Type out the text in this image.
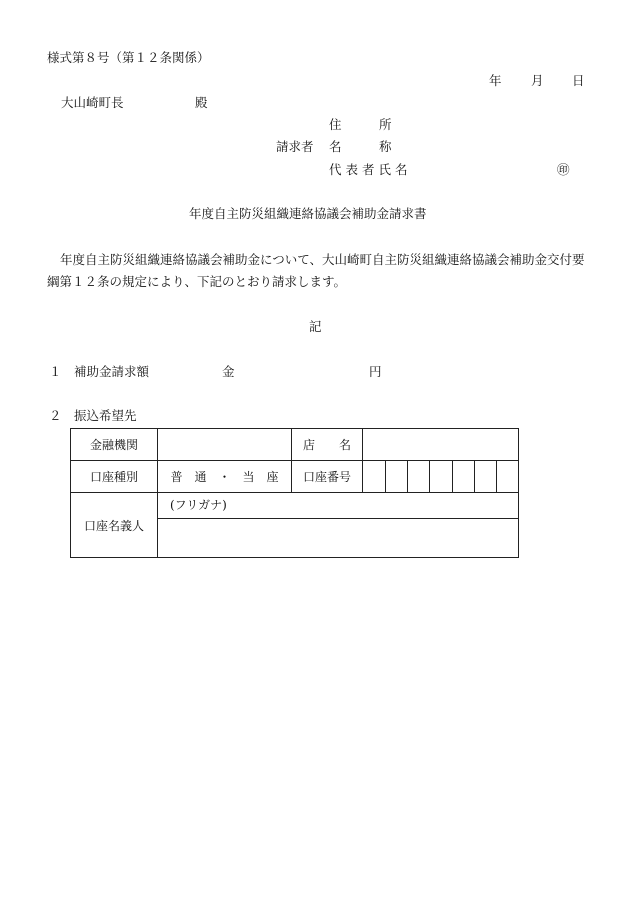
様式第８号（第１２条関係）
年 月 日
大山崎町長	殿
住　　　所
請求者 名　　　称
代表者氏名	㊞
年度自主防災組織連絡協議会補助金請求書
年度自主防災組織連絡協議会補助金について、大山崎町自主防災組織連絡協議会補助金交付要綱第１２条の規定により、下記のとおり請求します。
記
１ 補助金請求額	金	円
２ 振込希望先
金融機関		店　　名							
口座種別	普　通　・　当　座	口座番号							
口座名義人	(フリガナ)								
